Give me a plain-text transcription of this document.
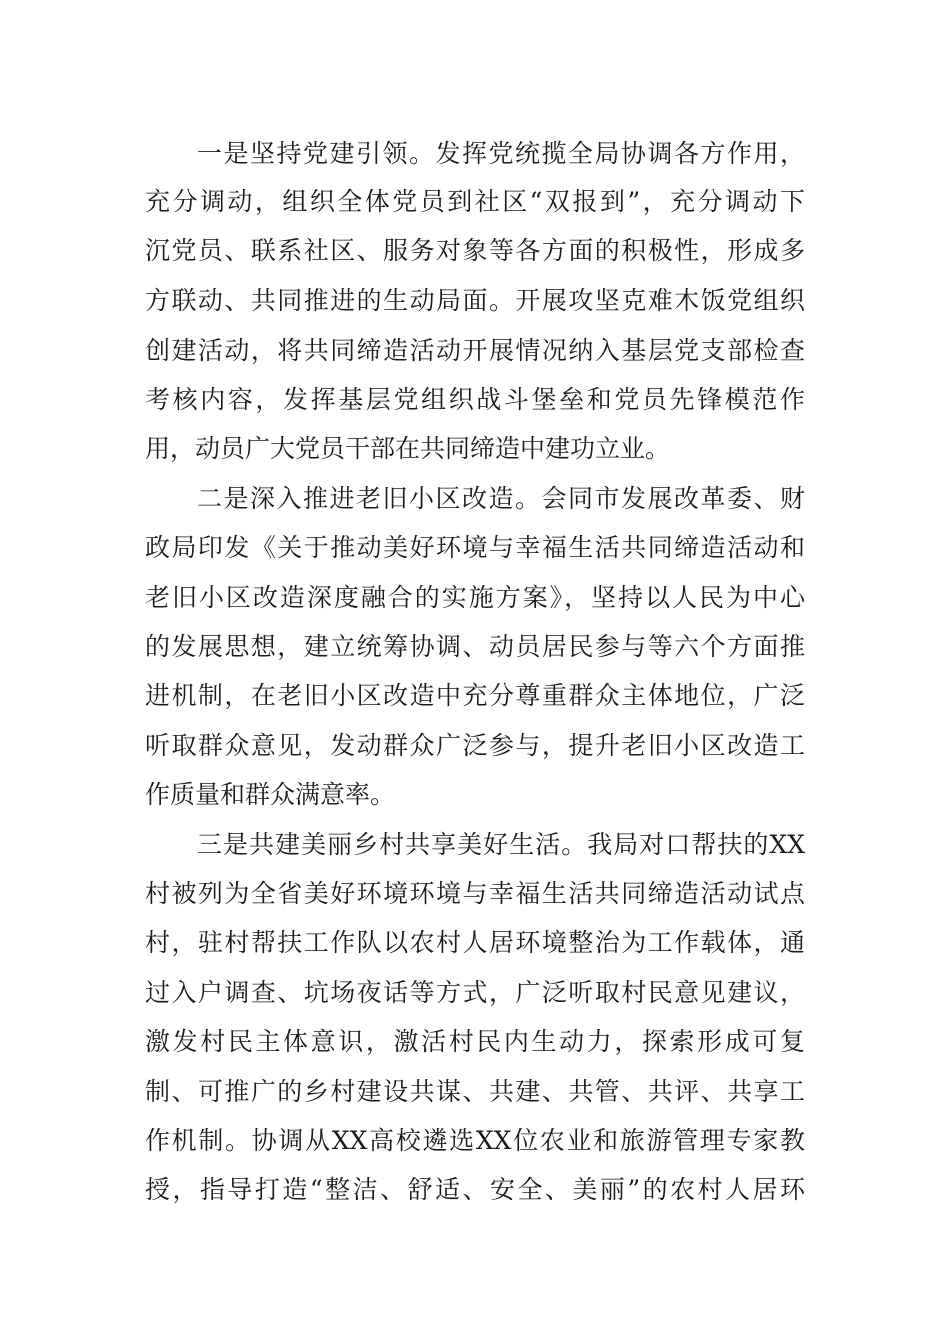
一是坚持党建引领。发挥党统揽全局协调各方作用，
充分调动，组织全体党员到社区“双报到”，充分调动下
沉党员、联系社区、服务对象等各方面的积极性，形成多
方联动、共同推进的生动局面。开展攻坚克难木饭党组织
创建活动，将共同缔造活动开展情况纳入基层党支部检查
考核内容，发挥基层党组织战斗堡垒和党员先锋模范作
用，动员广大党员干部在共同缔造中建功立业。
二是深入推进老旧小区改造。会同市发展改革委、财
政局印发《关于推动美好环境与幸福生活共同缔造活动和
老旧小区改造深度融合的实施方案》，坚持以人民为中心
的发展思想，建立统筹协调、动员居民参与等六个方面推
进机制，在老旧小区改造中充分尊重群众主体地位，广泛
听取群众意见，发动群众广泛参与，提升老旧小区改造工
作质量和群众满意率。
三是共建美丽乡村共享美好生活。我局对口帮扶的XX
村被列为全省美好环境环境与幸福生活共同缔造活动试点
村，驻村帮扶工作队以农村人居环境整治为工作载体，通
过入户调查、坑场夜话等方式，广泛听取村民意见建议，
激发村民主体意识，激活村民内生动力，探索形成可复
制、可推广的乡村建设共谋、共建、共管、共评、共享工
作机制。协调从XX高校遴选XX位农业和旅游管理专家教
授，指导打造“整洁、舒适、安全、美丽”的农村人居环
